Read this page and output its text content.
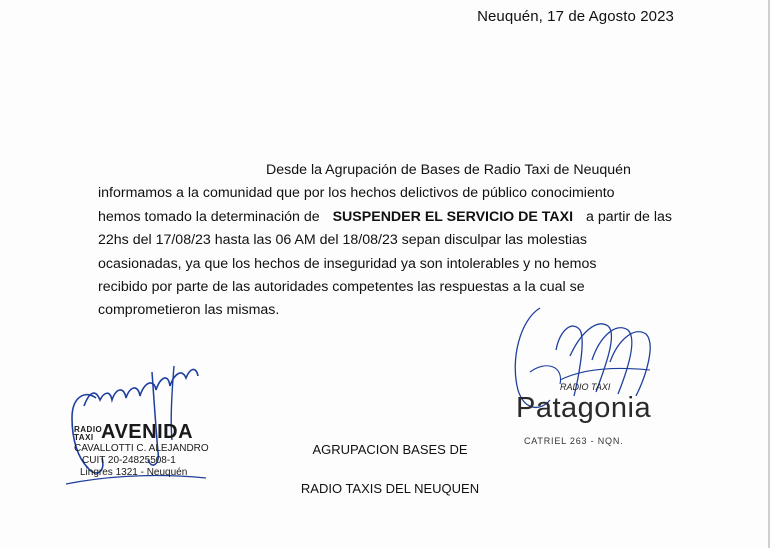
Neuquén, 17 de Agosto 2023
Desde la Agrupación de Bases de Radio Taxi de Neuquén
informamos a la comunidad que por los hechos delictivos de público conocimiento
hemos tomado la determinación de SUSPENDER EL SERVICIO DE TAXI a partir de las
22hs del 17/08/23 hasta las 06 AM del 18/08/23 sepan disculpar las molestias
ocasionadas, ya que los hechos de inseguridad ya son intolerables y no hemos
recibido por parte de las autoridades competentes las respuestas a la cual se
comprometieron las mismas.
RADIO
TAXI AVENIDA
CAVALLOTTI C. ALEJANDRO
CUIT 20-24825508-1
Lingres 1321 - Neuquén
RADIO TAXI
Patagonia
CATRIEL 263 - NQN.
AGRUPACION BASES DE
RADIO TAXIS DEL NEUQUEN
